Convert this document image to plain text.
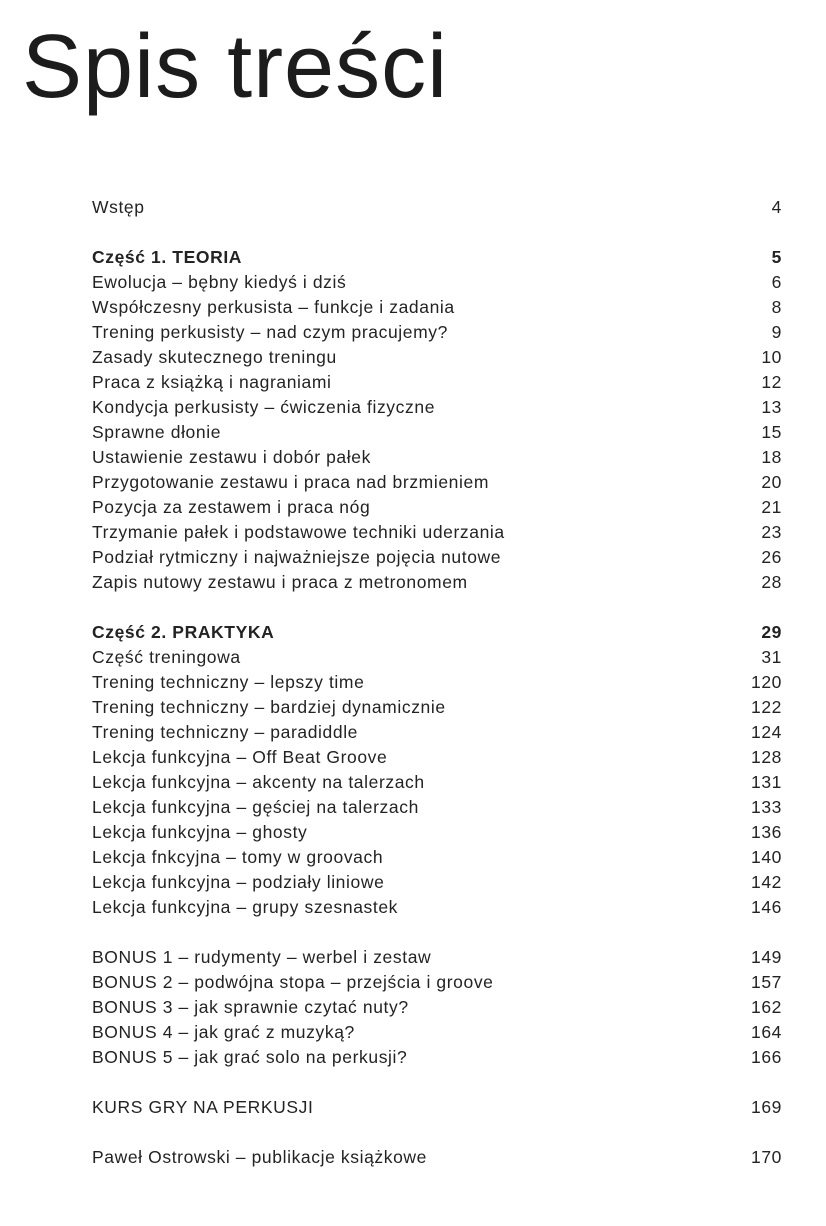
Spis treści
Wstęp	4
Część 1. TEORIA	5
Ewolucja – bębny kiedyś i dziś	6
Współczesny perkusista – funkcje i zadania	8
Trening perkusisty – nad czym pracujemy?	9
Zasady skutecznego treningu	10
Praca z książką i nagraniami	12
Kondycja perkusisty – ćwiczenia fizyczne	13
Sprawne dłonie	15
Ustawienie zestawu i dobór pałek	18
Przygotowanie zestawu i praca nad brzmieniem	20
Pozycja za zestawem i praca nóg	21
Trzymanie pałek i podstawowe techniki uderzania	23
Podział rytmiczny i najważniejsze pojęcia nutowe	26
Zapis nutowy zestawu i praca z metronomem	28
Część 2. PRAKTYKA	29
Część treningowa	31
Trening techniczny – lepszy time	120
Trening techniczny – bardziej dynamicznie	122
Trening techniczny – paradiddle	124
Lekcja funkcyjna – Off Beat Groove	128
Lekcja funkcyjna – akcenty na talerzach	131
Lekcja funkcyjna – gęściej na talerzach	133
Lekcja funkcyjna – ghosty	136
Lekcja fnkcyjna – tomy w groovach	140
Lekcja funkcyjna – podziały liniowe	142
Lekcja funkcyjna – grupy szesnastek	146
BONUS 1 – rudymenty – werbel i zestaw	149
BONUS 2 – podwójna stopa – przejścia i groove	157
BONUS 3 – jak sprawnie czytać nuty?	162
BONUS 4 – jak grać z muzyką?	164
BONUS 5 – jak grać solo na perkusji?	166
KURS GRY NA PERKUSJI	169
Paweł Ostrowski – publikacje książkowe	170
